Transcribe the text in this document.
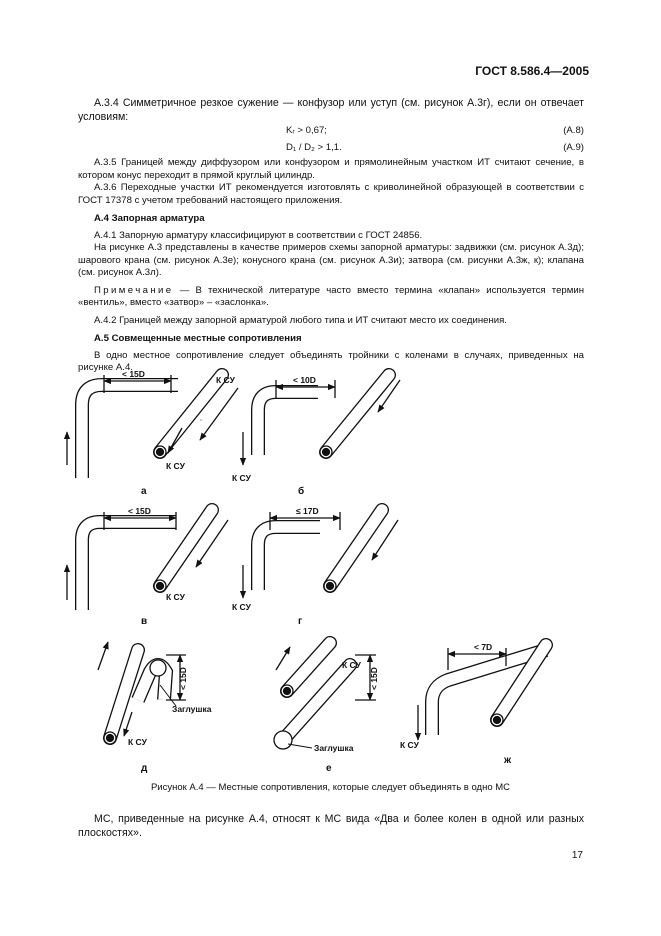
ГОСТ 8.586.4—2005

А.3.4 Симметричное резкое сужение — конфузор или уступ (см. рисунок А.3г), если он отвечает условиям:

Kᵣ > 0,67;	(A.8)
D₁ / D₂ > 1,1.	(A.9)

А.3.5 Границей между диффузором или конфузором и прямолинейным участком ИТ считают сечение, в котором конус переходит в прямой круглый цилиндр.

А.3.6 Переходные участки ИТ рекомендуется изготовлять с криволинейной образующей в соответствии с ГОСТ 17378 с учетом требований настоящего приложения.

А.4 Запорная арматура

А.4.1 Запорную арматуру классифицируют в соответствии с ГОСТ 24856.

На рисунке А.3 представлены в качестве примеров схемы запорной арматуры: задвижки (см. рисунок А.3д); шарового крана (см. рисунок А.3е); конусного крана (см. рисунок А.3и); затвора (см. рисунки А.3ж, к); клапана (см. рисунок А.3л).

Примечание — В технической литературе часто вместо термина «клапан» используется термин «вентиль», вместо «затвор» – «заслонка».

А.4.2 Границей между запорной арматурой любого типа и ИТ считают место их соединения.

А.5 Совмещенные местные сопротивления

В одно местное сопротивление следует объединять тройники с коленами в случаях, приведенных на рисунке А.4.

< 15D
< 10D
< 15D	≤ 17D
< 7D
< 15D	< 15D
К СУ
К СУ
К СУ
К СУ
К СУ
К СУ
К СУ
К СУ
Заглушка
Заглушка
а	б
в	г
д	е
ж
Рисунок А.4 — Местные сопротивления, которые следует объединять в одно МС

МС, приведенные на рисунке А.4, относят к МС вида «Два и более колен в одной или разных плоскостях».

17
